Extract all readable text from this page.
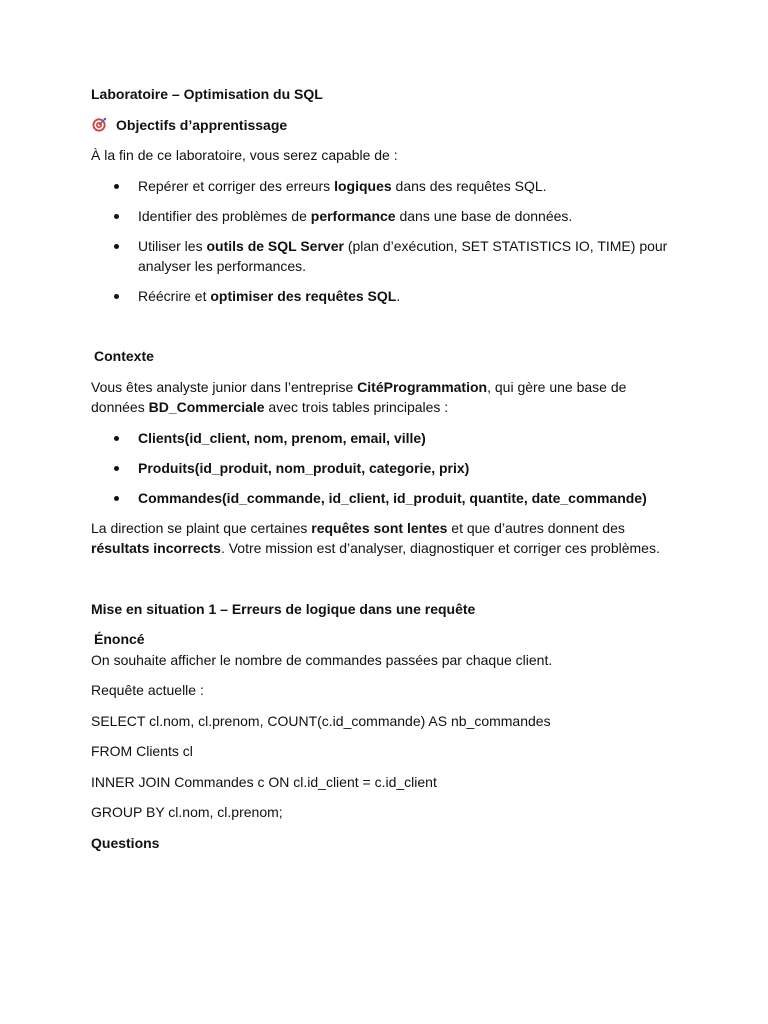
Laboratoire – Optimisation du SQL

Objectifs d’apprentissage

À la fin de ce laboratoire, vous serez capable de :

Repérer et corriger des erreurs logiques dans des requêtes SQL.
Identifier des problèmes de performance dans une base de données.
Utiliser les outils de SQL Server (plan d’exécution, SET STATISTICS IO, TIME) pour analyser les performances.
Réécrire et optimiser des requêtes SQL.

Contexte

Vous êtes analyste junior dans l’entreprise CitéProgrammation, qui gère une base de données BD_Commerciale avec trois tables principales :

Clients(id_client, nom, prenom, email, ville)
Produits(id_produit, nom_produit, categorie, prix)
Commandes(id_commande, id_client, id_produit, quantite, date_commande)

La direction se plaint que certaines requêtes sont lentes et que d’autres donnent des résultats incorrects. Votre mission est d’analyser, diagnostiquer et corriger ces problèmes.

Mise en situation 1 – Erreurs de logique dans une requête

Énoncé

On souhaite afficher le nombre de commandes passées par chaque client.

Requête actuelle :

SELECT cl.nom, cl.prenom, COUNT(c.id_commande) AS nb_commandes

FROM Clients cl

INNER JOIN Commandes c ON cl.id_client = c.id_client

GROUP BY cl.nom, cl.prenom;

Questions
